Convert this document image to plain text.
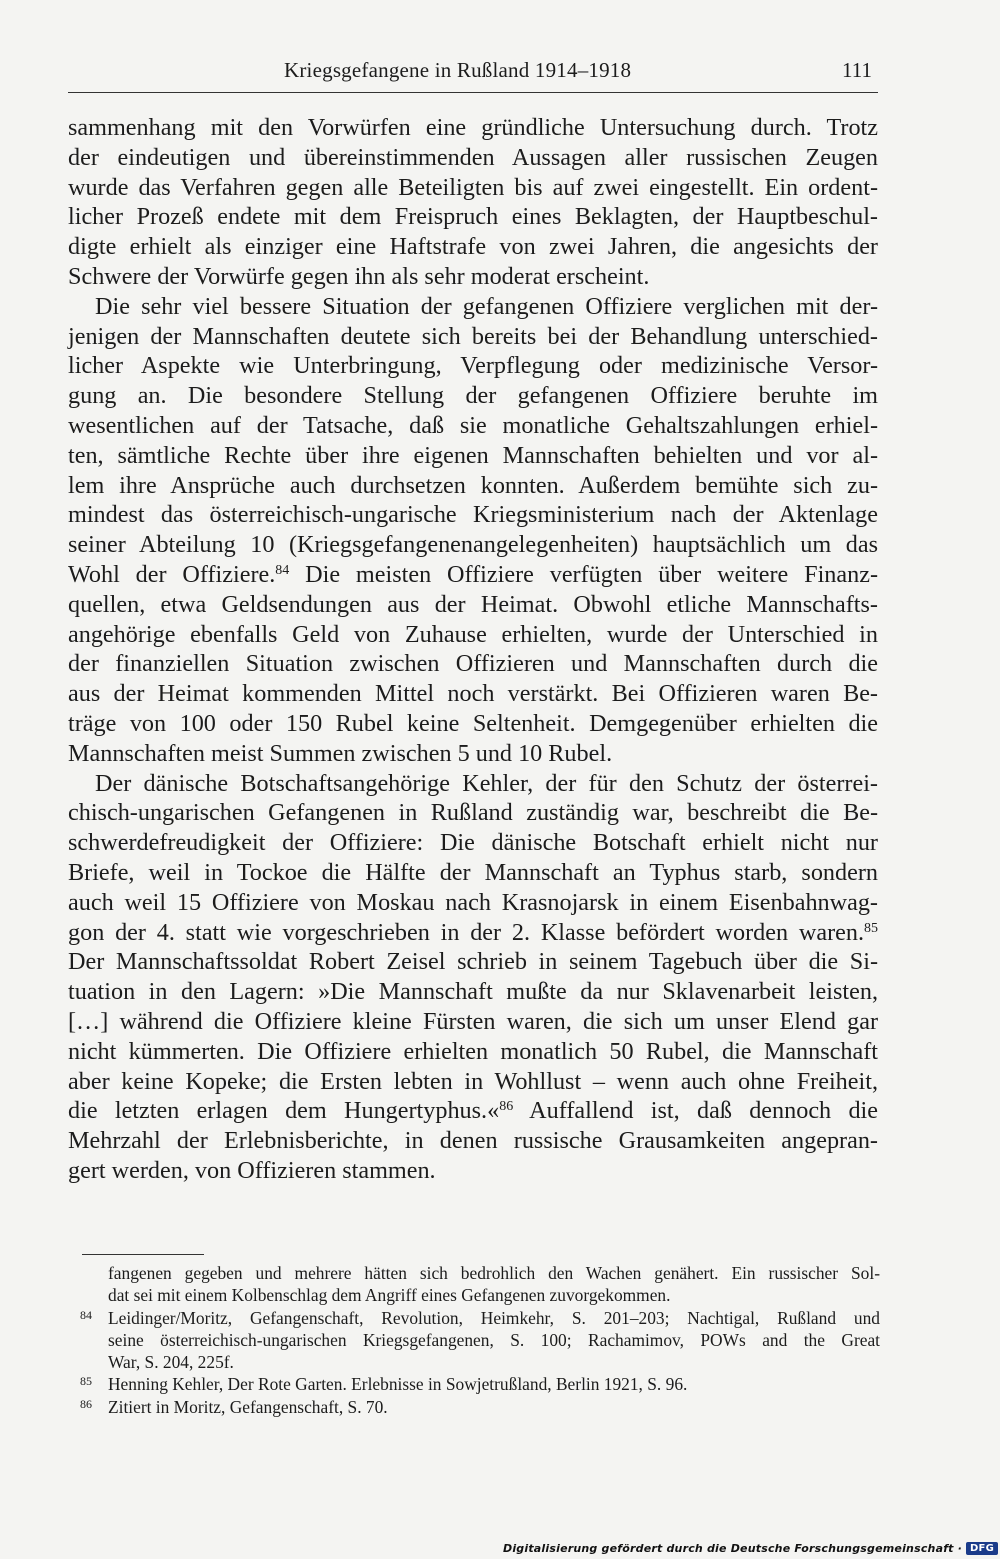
Kriegsgefangene in Rußland 1914–1918	111
sammenhang mit den Vorwürfen eine gründliche Untersuchung durch. Trotz
der eindeutigen und übereinstimmenden Aussagen aller russischen Zeugen
wurde das Verfahren gegen alle Beteiligten bis auf zwei eingestellt. Ein ordent-
licher Prozeß endete mit dem Freispruch eines Beklagten, der Hauptbeschul-
digte erhielt als einziger eine Haftstrafe von zwei Jahren, die angesichts der
Schwere der Vorwürfe gegen ihn als sehr moderat erscheint.
Die sehr viel bessere Situation der gefangenen Offiziere verglichen mit der-
jenigen der Mannschaften deutete sich bereits bei der Behandlung unterschied-
licher Aspekte wie Unterbringung, Verpflegung oder medizinische Versor-
gung an. Die besondere Stellung der gefangenen Offiziere beruhte im
wesentlichen auf der Tatsache, daß sie monatliche Gehaltszahlungen erhiel-
ten, sämtliche Rechte über ihre eigenen Mannschaften behielten und vor al-
lem ihre Ansprüche auch durchsetzen konnten. Außerdem bemühte sich zu-
mindest das österreichisch-ungarische Kriegsministerium nach der Aktenlage
seiner Abteilung 10 (Kriegsgefangenenangelegenheiten) hauptsächlich um das
Wohl der Offiziere.$^{84}$ Die meisten Offiziere verfügten über weitere Finanz-
quellen, etwa Geldsendungen aus der Heimat. Obwohl etliche Mannschafts-
angehörige ebenfalls Geld von Zuhause erhielten, wurde der Unterschied in
der finanziellen Situation zwischen Offizieren und Mannschaften durch die
aus der Heimat kommenden Mittel noch verstärkt. Bei Offizieren waren Be-
träge von 100 oder 150 Rubel keine Seltenheit. Demgegenüber erhielten die
Mannschaften meist Summen zwischen 5 und 10 Rubel.
Der dänische Botschaftsangehörige Kehler, der für den Schutz der österrei-
chisch-ungarischen Gefangenen in Rußland zuständig war, beschreibt die Be-
schwerdefreudigkeit der Offiziere: Die dänische Botschaft erhielt nicht nur
Briefe, weil in Tockoe die Hälfte der Mannschaft an Typhus starb, sondern
auch weil 15 Offiziere von Moskau nach Krasnojarsk in einem Eisenbahnwag-
gon der 4. statt wie vorgeschrieben in der 2. Klasse befördert worden waren.$^{85}$
Der Mannschaftssoldat Robert Zeisel schrieb in seinem Tagebuch über die Si-
tuation in den Lagern: »Die Mannschaft mußte da nur Sklavenarbeit leisten,
[…] während die Offiziere kleine Fürsten waren, die sich um unser Elend gar
nicht kümmerten. Die Offiziere erhielten monatlich 50 Rubel, die Mannschaft
aber keine Kopeke; die Ersten lebten in Wohllust – wenn auch ohne Freiheit,
die letzten erlagen dem Hungertyphus.«$^{86}$ Auffallend ist, daß dennoch die
Mehrzahl der Erlebnisberichte, in denen russische Grausamkeiten angepran-
gert werden, von Offizieren stammen.
fangenen gegeben und mehrere hätten sich bedrohlich den Wachen genähert. Ein russischer Sol-
dat sei mit einem Kolbenschlag dem Angriff eines Gefangenen zuvorgekommen.
84 Leidinger/Moritz, Gefangenschaft, Revolution, Heimkehr, S. 201–203; Nachtigal, Rußland und
seine österreichisch-ungarischen Kriegsgefangenen, S. 100; Rachamimov, POWs and the Great
War, S. 204, 225f.
85 Henning Kehler, Der Rote Garten. Erlebnisse in Sowjetrußland, Berlin 1921, S. 96.
86 Zitiert in Moritz, Gefangenschaft, S. 70.
Digitalisierung gefördert durch die Deutsche Forschungsgemeinschaft · DFG
